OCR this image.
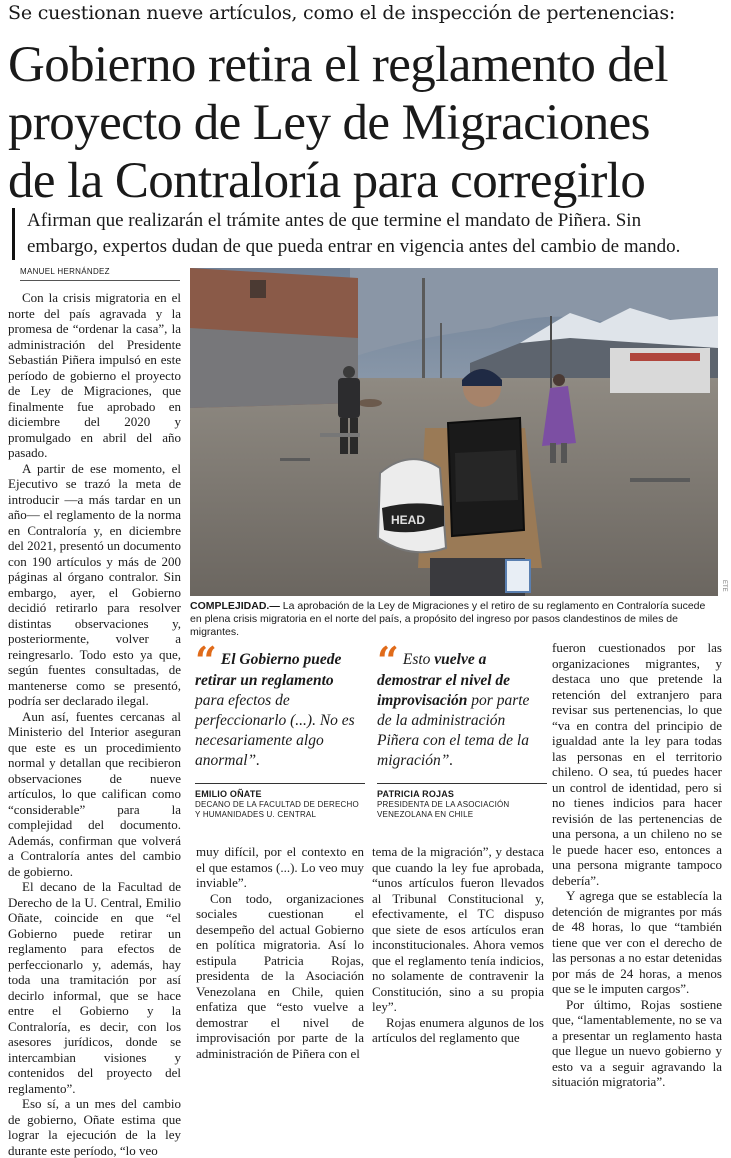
Se cuestionan nueve artículos, como el de inspección de pertenencias:
Gobierno retira el reglamento del
proyecto de Ley de Migraciones
de la Contraloría para corregirlo
Afirman que realizarán el trámite antes de que termine el mandato de Piñera. Sin
embargo, expertos dudan de que pueda entrar en vigencia antes del cambio de mando.
MANUEL HERNÁNDEZ

Con la crisis migratoria en el norte del país agravada y la promesa de “ordenar la casa”, la administración del Presidente Sebastián Piñera impulsó en este período de gobierno el proyecto de Ley de Migraciones, que finalmente fue aprobado en diciembre del 2020 y promulgado en abril del año pasado.

A partir de ese momento, el Ejecutivo se trazó la meta de introducir —a más tardar en un año— el reglamento de la norma en Contraloría y, en diciembre del 2021, presentó un documento con 190 artículos y más de 200 páginas al órgano contralor. Sin embargo, ayer, el Gobierno decidió retirarlo para resolver distintas observaciones y, posteriormente, volver a reingresarlo. Todo esto ya que, según fuentes consultadas, de mantenerse como se presentó, podría ser declarado ilegal.

Aun así, fuentes cercanas al Ministerio del Interior aseguran que este es un procedimiento normal y detallan que recibieron observaciones de nueve artículos, lo que califican como “considerable” para la complejidad del documento. Además, confirman que volverá a Contraloría antes del cambio de gobierno.

El decano de la Facultad de Derecho de la U. Central, Emilio Oñate, coincide en que “el Gobierno puede retirar un reglamento para efectos de perfeccionarlo y, además, hay toda una tramitación por así decirlo informal, que se hace entre el Gobierno y la Contraloría, es decir, con los asesores jurídicos, donde se intercambian visiones y contenidos del proyecto del reglamento”.

Eso sí, a un mes del cambio de gobierno, Oñate estima que lograr la ejecución de la ley durante este período, “lo veo

HEAD
ETE
COMPLEJIDAD.— La aprobación de la Ley de Migraciones y el retiro de su reglamento en Contraloría sucede en plena crisis migratoria en el norte del país, a propósito del ingreso por pasos clandestinos de miles de migrantes.
“ El Gobierno puede retirar un reglamento para efectos de perfeccionarlo (...). No es necesariamente algo anormal”.
EMILIO OÑATE
DECANO DE LA FACULTAD DE DERECHO Y HUMANIDADES U. CENTRAL
“ Esto vuelve a demostrar el nivel de improvisación por parte de la administración Piñera con el tema de la migración”.
PATRICIA ROJAS
PRESIDENTA DE LA ASOCIACIÓN VENEZOLANA EN CHILE

muy difícil, por el contexto en el que estamos (...). Lo veo muy inviable”.

Con todo, organizaciones sociales cuestionan el desempeño del actual Gobierno en política migratoria. Así lo estipula Patricia Rojas, presidenta de la Asociación Venezolana en Chile, quien enfatiza que “esto vuelve a demostrar el nivel de improvisación por parte de la administración de Piñera con el

tema de la migración”, y destaca que cuando la ley fue aprobada, “unos artículos fueron llevados al Tribunal Constitucional y, efectivamente, el TC dispuso que siete de esos artículos eran inconstitucionales. Ahora vemos que el reglamento tenía indicios, no solamente de contravenir la Constitución, sino a su propia ley”.

Rojas enumera algunos de los artículos del reglamento que

fueron cuestionados por las organizaciones migrantes, y destaca uno que pretende la retención del extranjero para revisar sus pertenencias, lo que “va en contra del principio de igualdad ante la ley para todas las personas en el territorio chileno. O sea, tú puedes hacer un control de identidad, pero si no tienes indicios para hacer revisión de las pertenencias de una persona, a un chileno no se le puede hacer eso, entonces a una persona migrante tampoco debería”.

Y agrega que se establecía la detención de migrantes por más de 48 horas, lo que “también tiene que ver con el derecho de las personas a no estar detenidas por más de 24 horas, a menos que se le imputen cargos”.

Por último, Rojas sostiene que, “lamentablemente, no se va a presentar un reglamento hasta que llegue un nuevo gobierno y esto va a seguir agravando la situación migratoria”.
